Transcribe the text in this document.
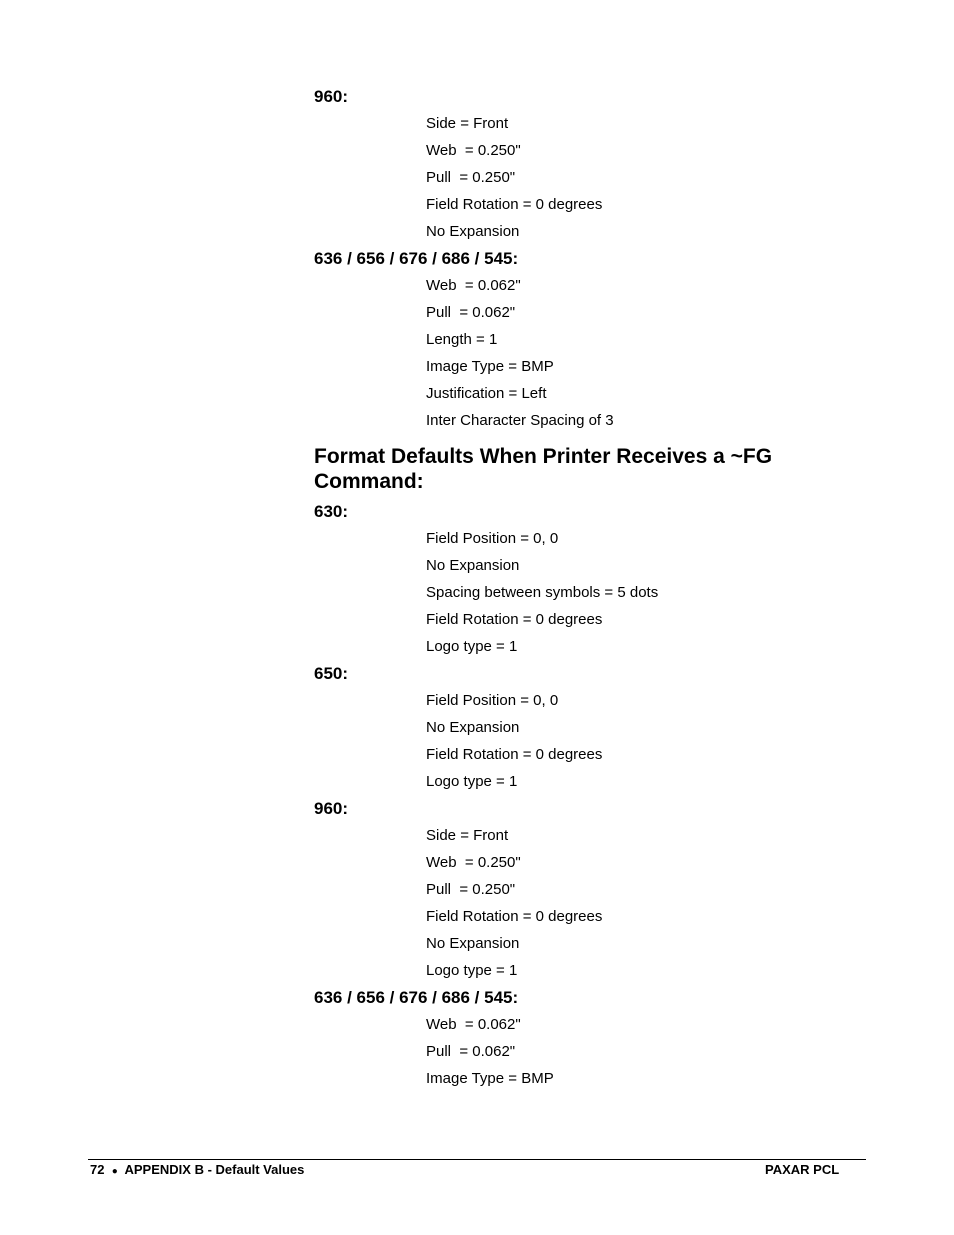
960:
Side = Front
Web  = 0.250"
Pull  = 0.250"
Field Rotation = 0 degrees
No Expansion
636 / 656 / 676 / 686 / 545:
Web  = 0.062"
Pull  = 0.062"
Length = 1
Image Type = BMP
Justification = Left
Inter Character Spacing of 3
Format Defaults When Printer Receives a ~FG Command:
630:
Field Position = 0, 0
No Expansion
Spacing between symbols = 5 dots
Field Rotation = 0 degrees
Logo type = 1
650:
Field Position = 0, 0
No Expansion
Field Rotation = 0 degrees
Logo type = 1
960:
Side = Front
Web  = 0.250"
Pull  = 0.250"
Field Rotation = 0 degrees
No Expansion
Logo type = 1
636 / 656 / 676 / 686 / 545:
Web  = 0.062"
Pull  = 0.062"
Image Type = BMP
72 ● APPENDIX B - Default Values	PAXAR PCL
